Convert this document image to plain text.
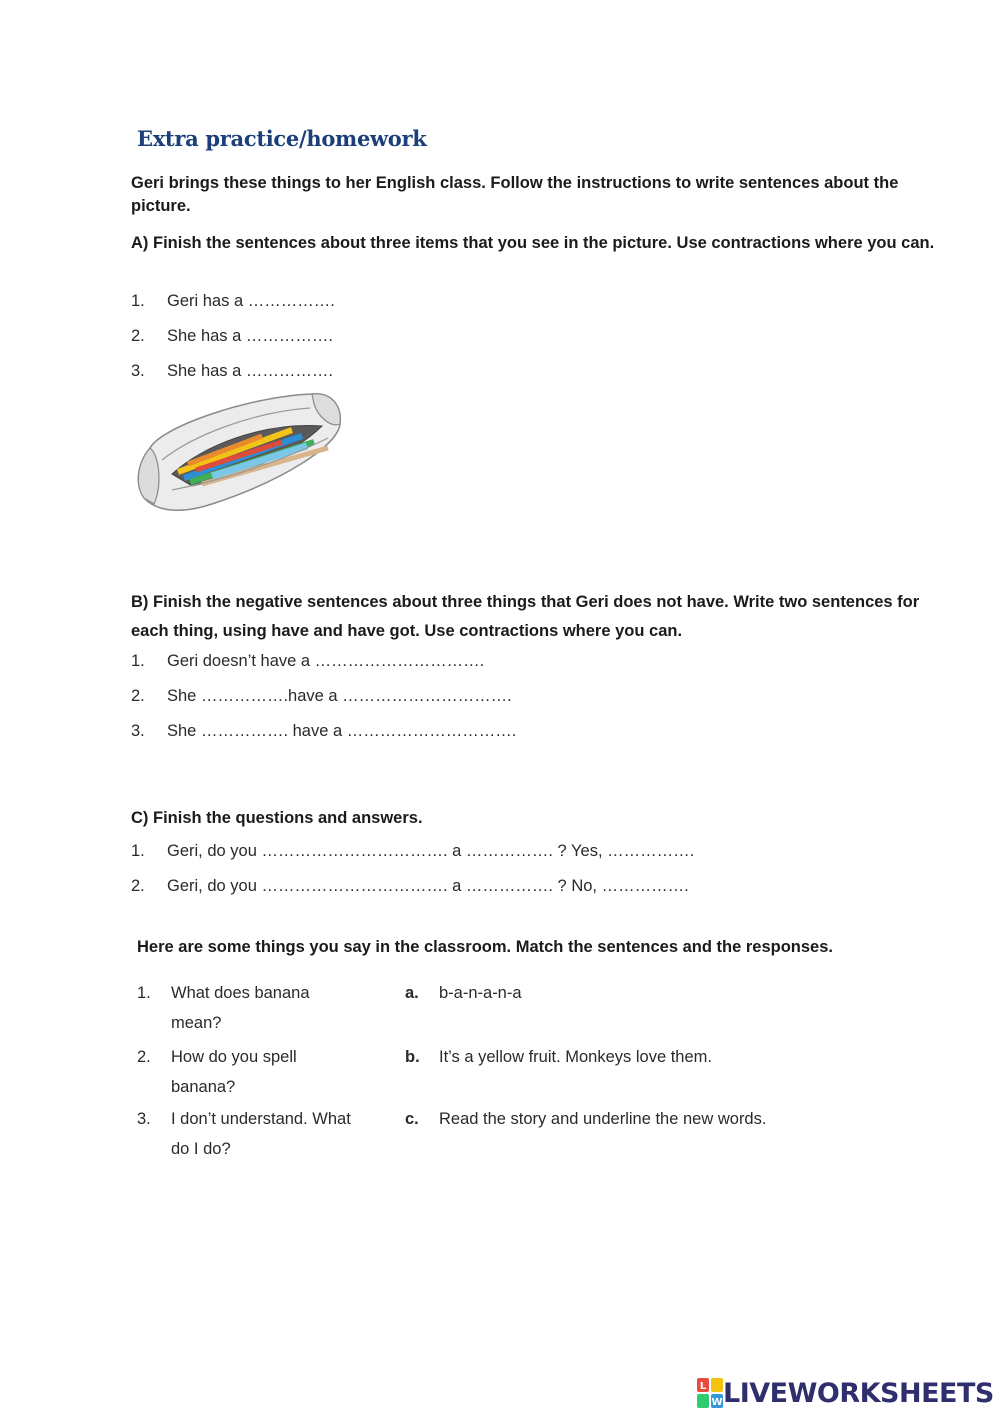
Extra practice/homework
Geri brings these things to her English class. Follow the instructions to write sentences about the picture.
A) Finish the sentences about three items that you see in the picture. Use contractions where you can.
1. Geri has a …………….
2. She has a …………….
3. She has a …………….
B) Finish the negative sentences about three things that Geri does not have. Write two sentences for each thing, using have and have got. Use contractions where you can.
1. Geri doesn’t have a ………………………….
2. She …………….have a ………………………….
3. She ……………. have a ………………………….
C) Finish the questions and answers.
1. Geri, do you ……………………………. a ……………. ? Yes, …………….
2. Geri, do you ……………………………. a ……………. ? No, …………….
Here are some things you say in the classroom. Match the sentences and the responses.
1. What does banana
mean?
a. b-a-n-a-n-a
2. How do you spell
banana?
b. It’s a yellow fruit. Monkeys love them.
3. I don’t understand. What
do I do?
c. Read the story and underline the new words.
L
W LIVEWORKSHEETS
